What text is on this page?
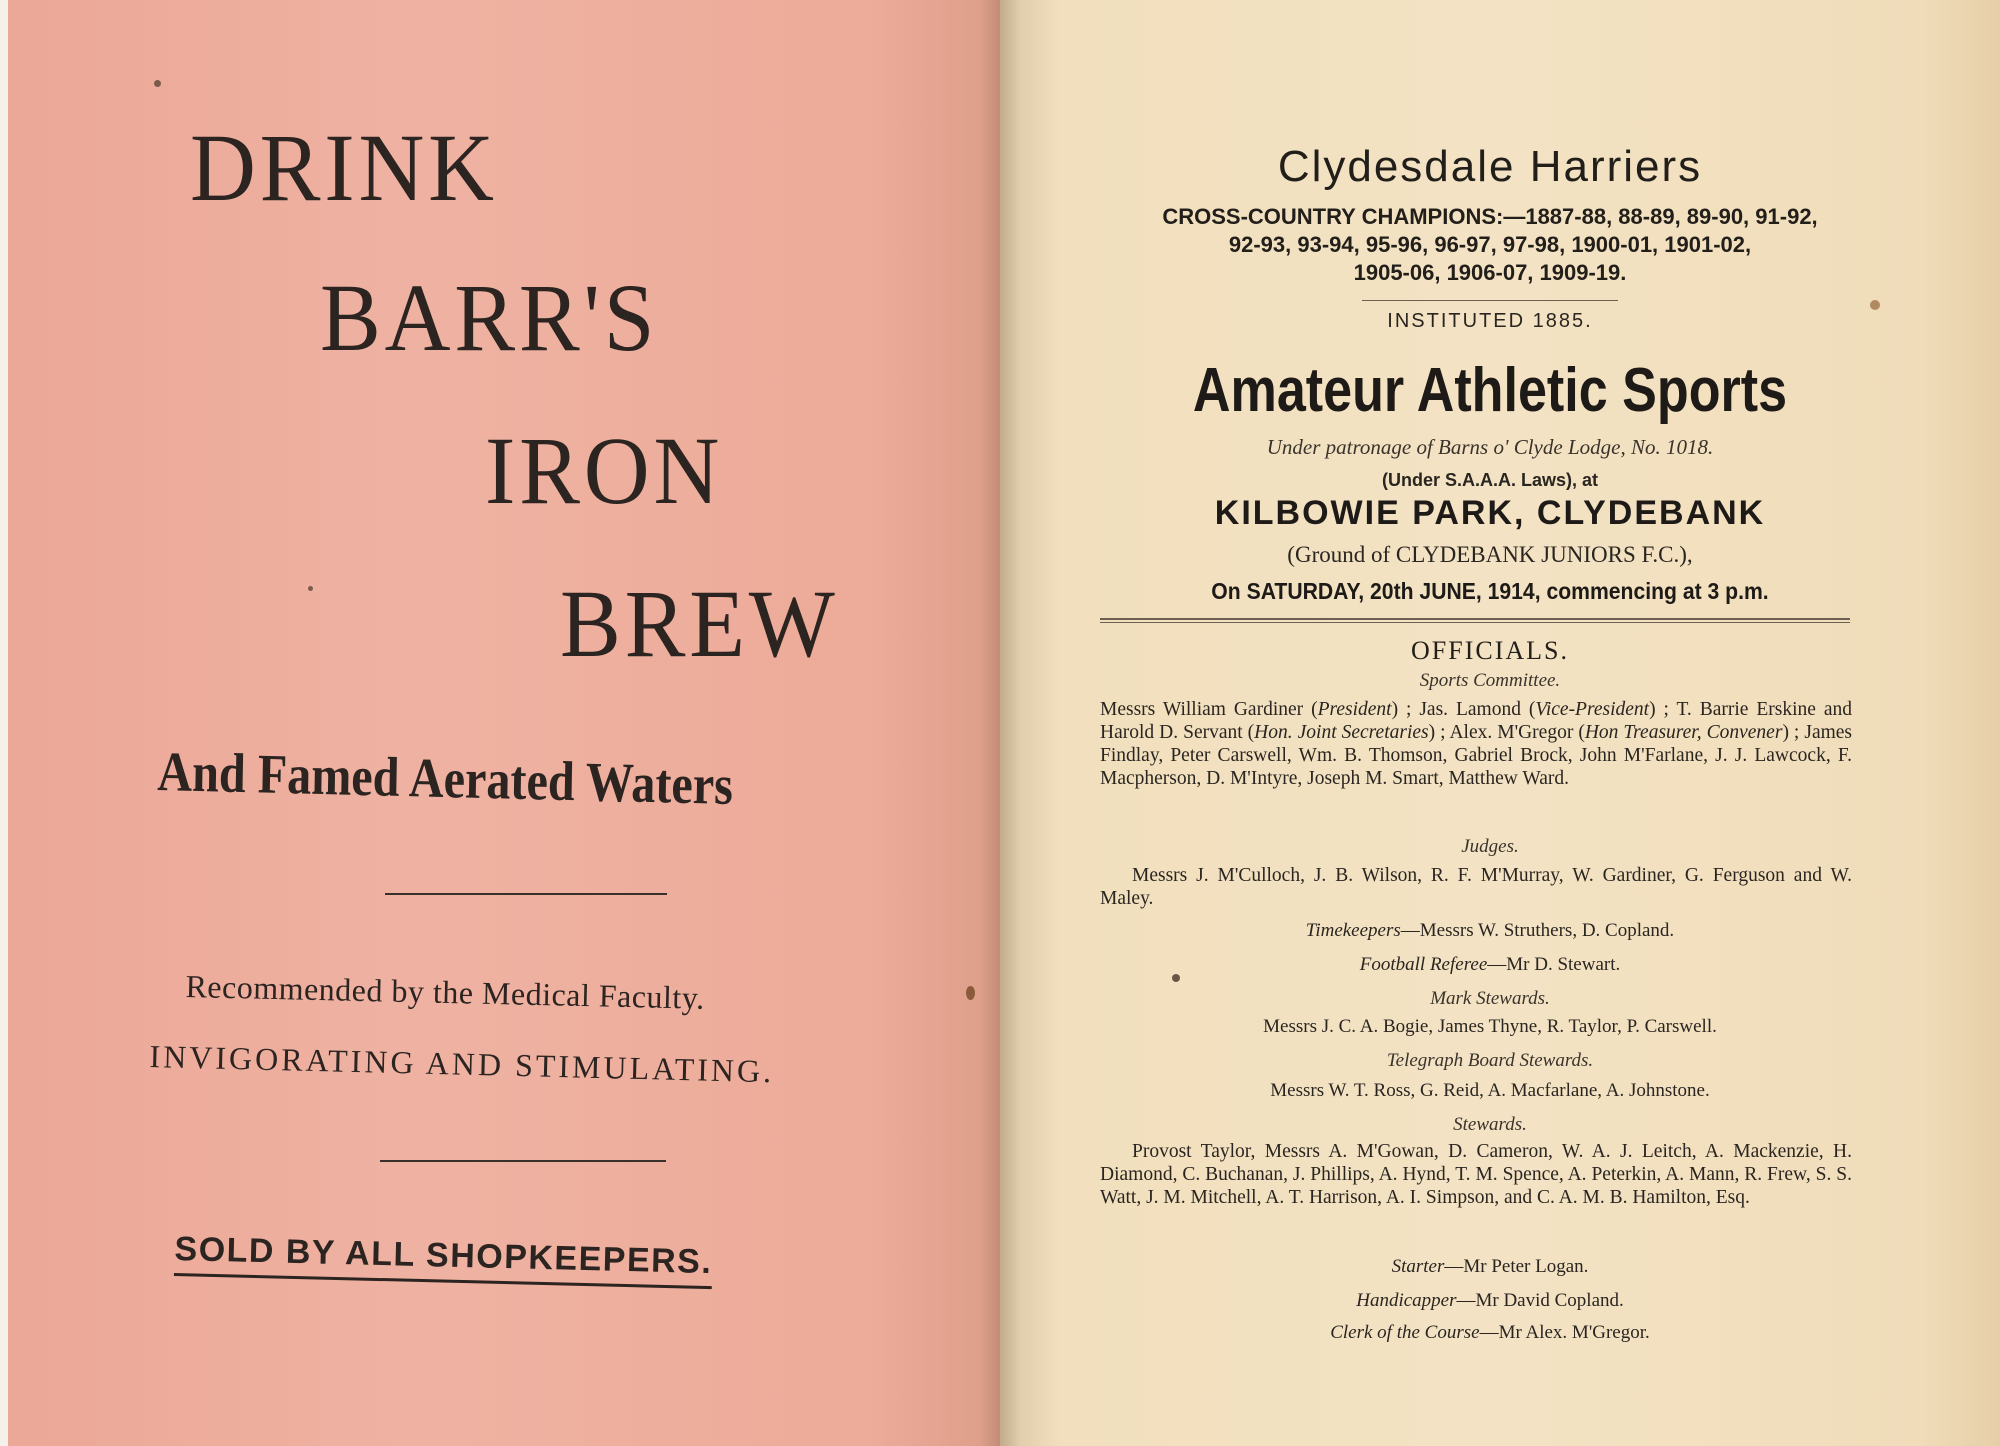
DRINK
BARR'S
IRON
BREW
And Famed Aerated Waters
Recommended by the Medical Faculty.
INVIGORATING AND STIMULATING.
SOLD BY ALL SHOPKEEPERS.
Clydesdale Harriers
CROSS-COUNTRY CHAMPIONS:—1887-88, 88-89, 89-90, 91-92,
92-93, 93-94, 95-96, 96-97, 97-98, 1900-01, 1901-02,
1905-06, 1906-07, 1909-19.
INSTITUTED 1885.
Amateur Athletic Sports
Under patronage of Barns o' Clyde Lodge, No. 1018.
(Under S.A.A.A. Laws), at
KILBOWIE PARK, CLYDEBANK
(Ground of CLYDEBANK JUNIORS F.C.),
On SATURDAY, 20th JUNE, 1914, commencing at 3 p.m.
OFFICIALS.
Sports Committee.
Messrs William Gardiner (President) ; Jas. Lamond (Vice-President) ; T. Barrie Erskine and Harold D. Servant (Hon. Joint Secretaries) ; Alex. M'Gregor (Hon Treasurer, Convener) ; James Findlay, Peter Carswell, Wm. B. Thomson, Gabriel Brock, John M'Farlane, J. J. Lawcock, F. Macpherson, D. M'Intyre, Joseph M. Smart, Matthew Ward.
Judges.
Messrs J. M'Culloch, J. B. Wilson, R. F. M'Murray, W. Gardiner, G. Ferguson and W. Maley.
Timekeepers—Messrs W. Struthers, D. Copland.
Football Referee—Mr D. Stewart.
Mark Stewards.
Messrs J. C. A. Bogie, James Thyne, R. Taylor, P. Carswell.
Telegraph Board Stewards.
Messrs W. T. Ross, G. Reid, A. Macfarlane, A. Johnstone.
Stewards.
Provost Taylor, Messrs A. M'Gowan, D. Cameron, W. A. J. Leitch, A. Mackenzie, H. Diamond, C. Buchanan, J. Phillips, A. Hynd, T. M. Spence, A. Peterkin, A. Mann, R. Frew, S. S. Watt, J. M. Mitchell, A. T. Harrison, A. I. Simpson, and C. A. M. B. Hamilton, Esq.
Starter—Mr Peter Logan.
Handicapper—Mr David Copland.
Clerk of the Course—Mr Alex. M'Gregor.
